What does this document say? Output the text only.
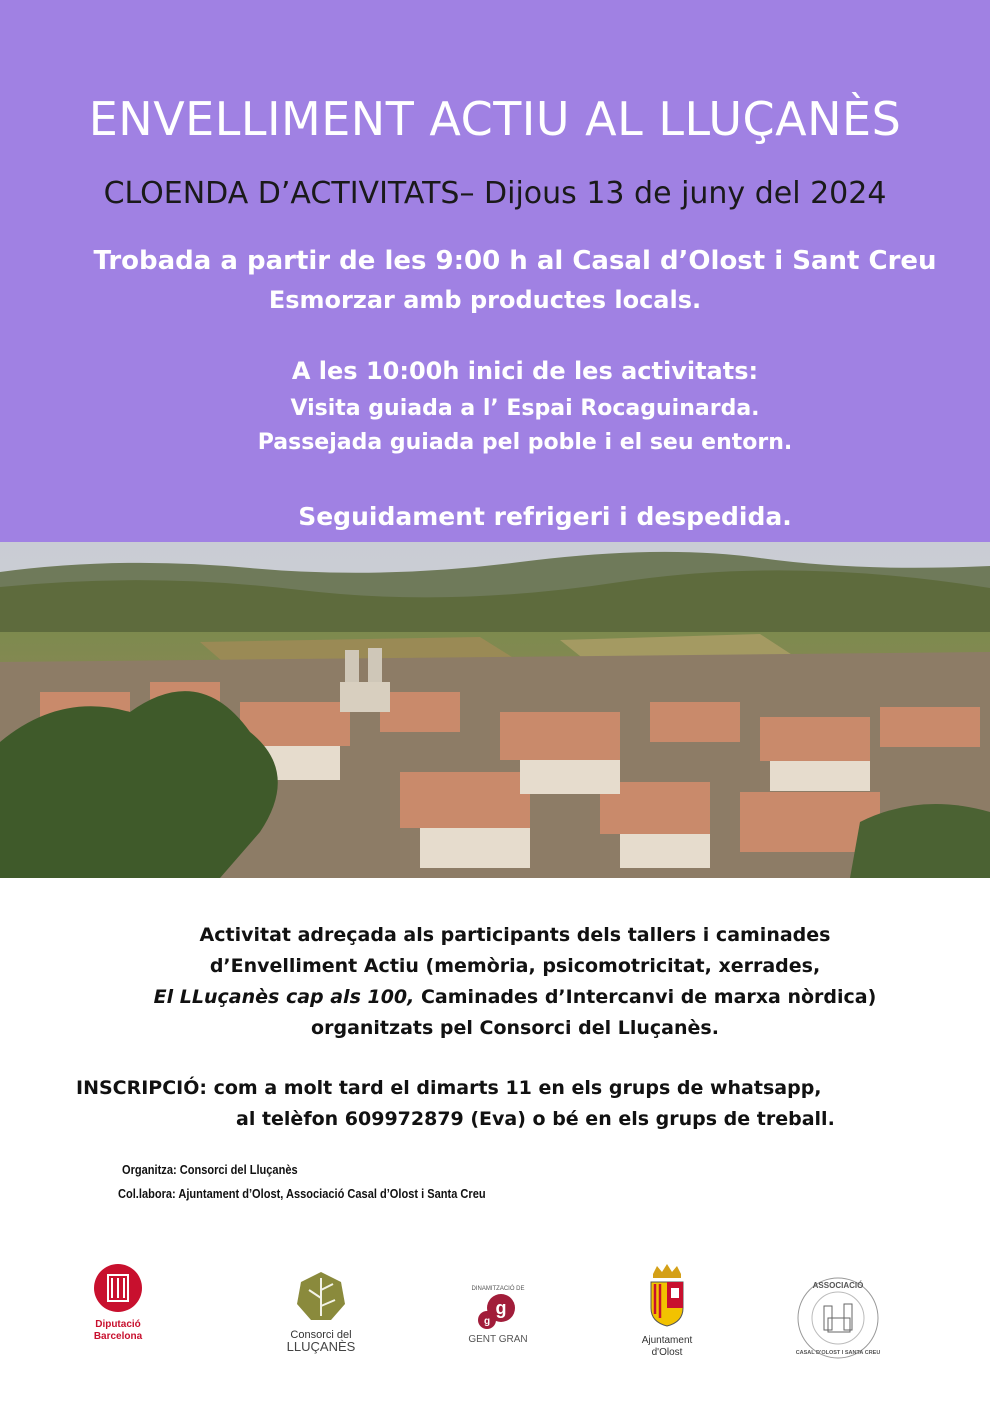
ENVELLIMENT ACTIU AL LLUÇANÈS
CLOENDA D’ACTIVITATS– Dijous 13 de juny del 2024
Trobada a partir de les 9:00 h al Casal d’Olost i Sant Creu
Esmorzar amb productes locals.
A les 10:00h inici de les activitats:
Visita guiada a l’ Espai Rocaguinarda.
Passejada guiada pel poble i el seu entorn.
Seguidament refrigeri i despedida.
Activitat adreçada als participants dels tallers i caminades
d’Envelliment Actiu (memòria, psicomotricitat, xerrades,
El LLuçanès cap als 100, Caminades d’Intercanvi de marxa nòrdica)
organitzats pel Consorci del Lluçanès.
INSCRIPCIÓ: com a molt tard el dimarts 11 en els grups de whatsapp,
al telèfon 609972879 (Eva) o bé en els grups de treball.
Organitza: Consorci del Lluçanès
Col.labora: Ajuntament d’Olost, Associació Casal d’Olost i Santa Creu
Diputació
Barcelona	Consorci del
LLUÇANÈS
g
g
DINAMITZACIÓ DE
GENT GRAN	Ajuntament
d'Olost
ASSOCIACIÓ
CASAL D'OLOST I SANTA CREU
